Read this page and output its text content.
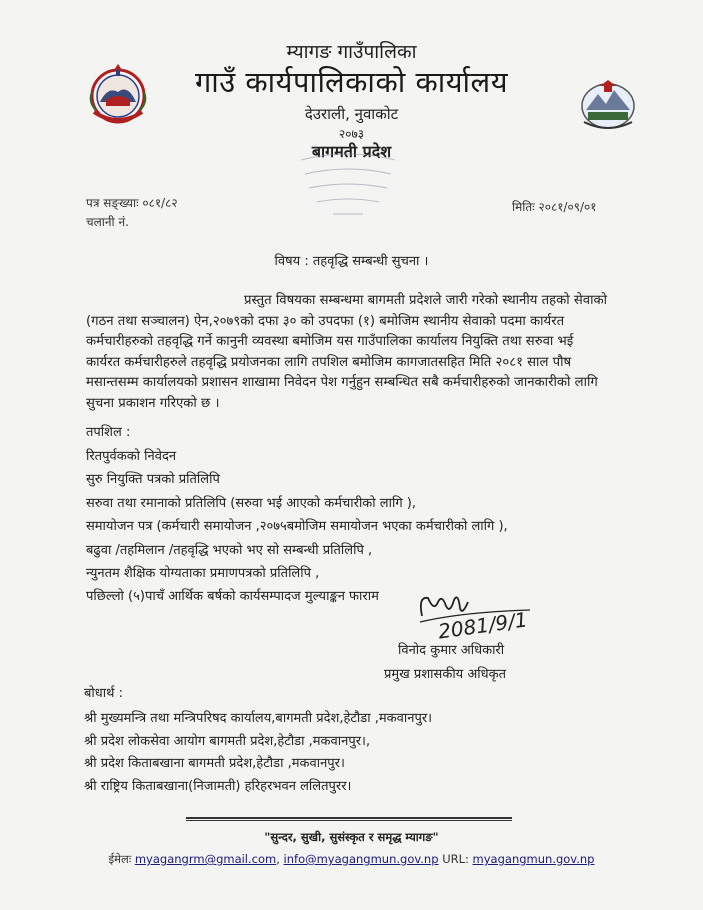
म्यागङ गाउँपालिका
गाउँ कार्यपालिकाको कार्यालय
देउराली, नुवाकोट
२०७३
बागमती प्रदेश
पत्र सङ्ख्याः ०८१/८२
चलानी नं.
मितिः २०८१/०९/०१
विषय : तहवृद्धि सम्बन्धी सुचना ।
प्रस्तुत विषयका सम्बन्धमा बागमती प्रदेशले जारी गरेको स्थानीय तहको सेवाको
(गठन तथा सञ्चालन) ऐन,२०७९को दफा ३० को उपदफा (१) बमोजिम स्थानीय सेवाको पदमा कार्यरत
कर्मचारीहरुको तहवृद्धि गर्ने कानुनी व्यवस्था बमोजिम यस गाउँपालिका कार्यालय नियुक्ति तथा सरुवा भई
कार्यरत कर्मचारीहरुले तहवृद्धि प्रयोजनका लागि तपशिल बमोजिम कागजातसहित मिति २०८१ साल पौष
मसान्तसम्म कार्यालयको प्रशासन शाखामा निवेदन पेश गर्नुहुन सम्बन्धित सबै कर्मचारीहरुको जानकारीको लागि
सुचना प्रकाशन गरिएको छ ।
तपशिल :
रितपुर्वकको निवेदन
सुरु नियुक्ति पत्रको प्रतिलिपि
सरुवा तथा रमानाको प्रतिलिपि (सरुवा भई आएको कर्मचारीको लागि ),
समायोजन पत्र (कर्मचारी समायोजन ,२०७५बमोजिम समायोजन भएका कर्मचारीको लागि ),
बढुवा /तहमिलान /तहवृद्धि भएको भए सो सम्बन्धी प्रतिलिपि ,
न्युनतम शैक्षिक योग्यताका प्रमाणपत्रको प्रतिलिपि ,
पछिल्लो (५)पाचँ आर्थिक बर्षको कार्यसम्पादज मुल्याङ्कन फाराम
2081/9/1
विनोद कुमार अधिकारी
प्रमुख प्रशासकीय अधिकृत
बोधार्थ :
श्री मुख्यमन्त्रि तथा मन्त्रिपरिषद कार्यालय,बागमती प्रदेश,हेटौडा ,मकवानपुर।
श्री प्रदेश लोकसेवा आयोग बागमती प्रदेश,हेटौडा ,मकवानपुर।,
श्री प्रदेश किताबखाना बागमती प्रदेश,हेटौडा ,मकवानपुर।
श्री राष्ट्रिय किताबखाना(निजामती) हरिहरभवन ललितपुरर।
"सुन्दर, सुखी, सुसंस्कृत र समृद्ध म्यागङ"
ईमेलः myagangrm@gmail.com, info@myagangmun.gov.np URL: myagangmun.gov.np
